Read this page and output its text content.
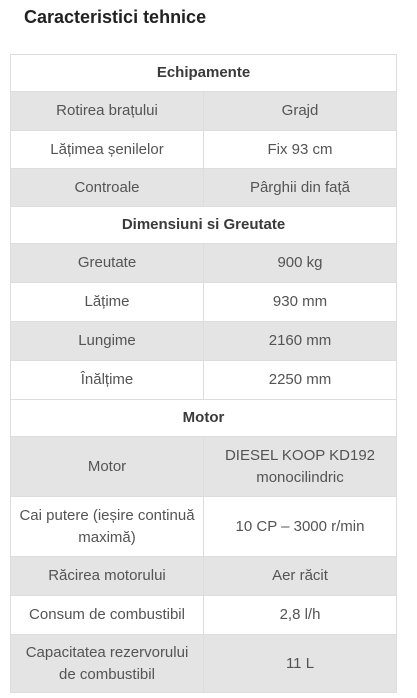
Caracteristici tehnice
Echipamente	
Rotirea brațului	Grajd
Lățimea șenilelor	Fix 93 cm
Controale	Pârghii din față
Dimensiuni si Greutate	
Greutate	900 kg
Lățime	930 mm
Lungime	2160 mm
Înălțime	2250 mm
Motor	
Motor	DIESEL KOOP KD192 monocilindric
Cai putere (ieșire continuă maximă)	10 CP – 3000 r/min
Răcirea motorului	Aer răcit
Consum de combustibil	2,8 l/h
Capacitatea rezervorului de combustibil	11 L
